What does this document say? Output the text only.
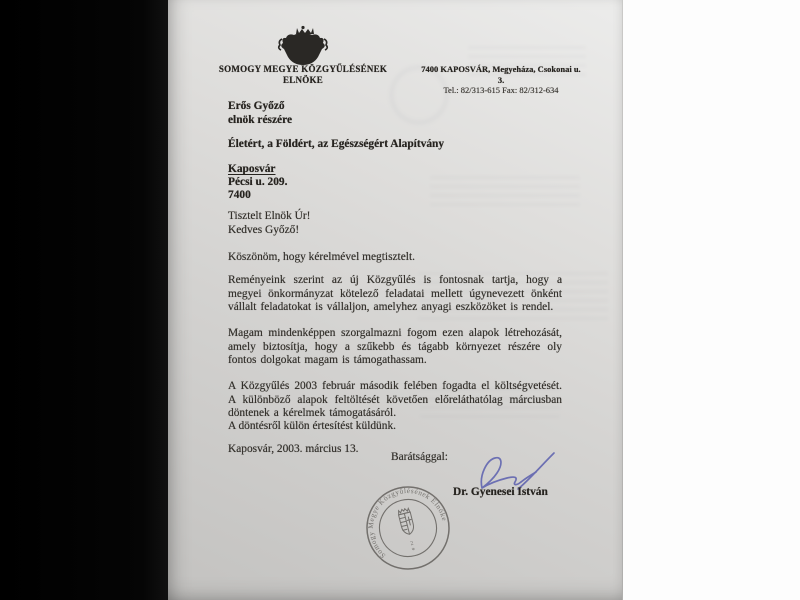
SOMOGY MEGYE KÖZGYŰLÉSÉNEK
ELNÖKE
7400 KAPOSVÁR, Megyeháza, Csokonai u. 3.
Tel.: 82/313-615 Fax: 82/312-634
Erős Győző
elnök részére
Életért, a Földért, az Egészségért Alapítvány
Kaposvár
Pécsi u. 209.
7400
Tisztelt Elnök Úr!
Kedves Győző!
Köszönöm, hogy kérelmével megtisztelt.
Reményeink szerint az új Közgyűlés is fontosnak tartja, hogy a megyei önkormányzat kötelező feladatai mellett úgynevezett önként vállalt feladatokat is vállaljon, amelyhez anyagi eszközöket is rendel.
Magam mindenképpen szorgalmazni fogom ezen alapok létrehozását, amely biztosítja, hogy a szűkebb és tágabb környezet részére oly fontos dolgokat magam is támogathassam.
A Közgyűlés 2003 február második felében fogadta el költségvetését. A különböző alapok feltöltését követően előreláthatólag márciusban döntenek a kérelmek támogatásáról.
A döntésről külön értesítést küldünk.
Kaposvár, 2003. március 13.
Barátsággal:
Dr. Gyenesei István
Somogy Megye Közgyűlésének Elnöke
2
*
